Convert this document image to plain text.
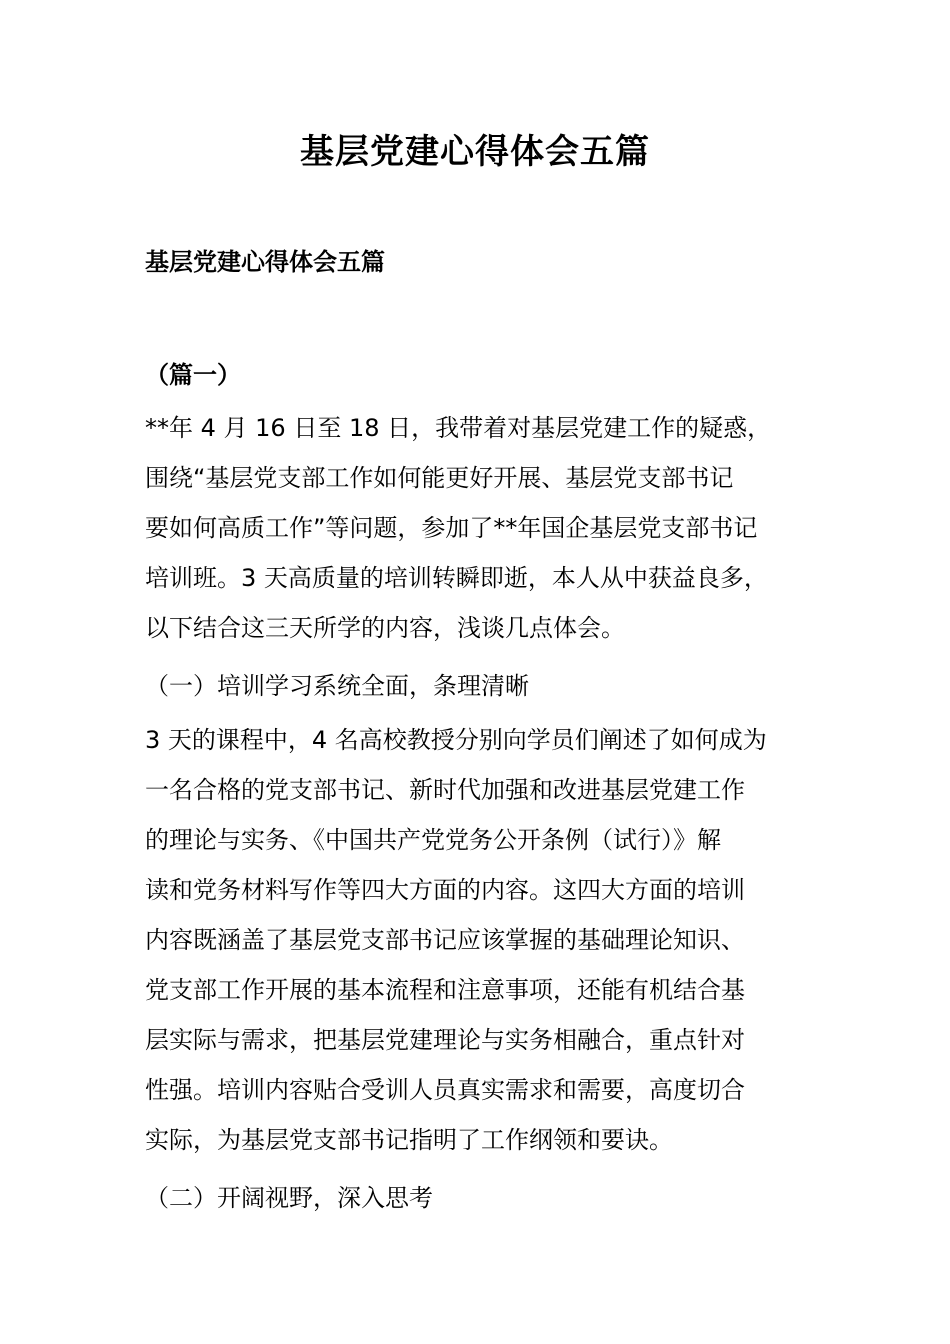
基层党建心得体会五篇
基层党建心得体会五篇
（篇一）
**年 4 月 16 日至 18 日，我带着对基层党建工作的疑惑，
围绕“基层党支部工作如何能更好开展、基层党支部书记
要如何高质工作”等问题，参加了**年国企基层党支部书记
培训班。3 天高质量的培训转瞬即逝，本人从中获益良多，
以下结合这三天所学的内容，浅谈几点体会。
（一）培训学习系统全面，条理清晰
3 天的课程中，4 名高校教授分别向学员们阐述了如何成为
一名合格的党支部书记、新时代加强和改进基层党建工作
的理论与实务、《中国共产党党务公开条例（试行）》解
读和党务材料写作等四大方面的内容。这四大方面的培训
内容既涵盖了基层党支部书记应该掌握的基础理论知识、
党支部工作开展的基本流程和注意事项，还能有机结合基
层实际与需求，把基层党建理论与实务相融合，重点针对
性强。培训内容贴合受训人员真实需求和需要，高度切合
实际，为基层党支部书记指明了工作纲领和要诀。
（二）开阔视野，深入思考
